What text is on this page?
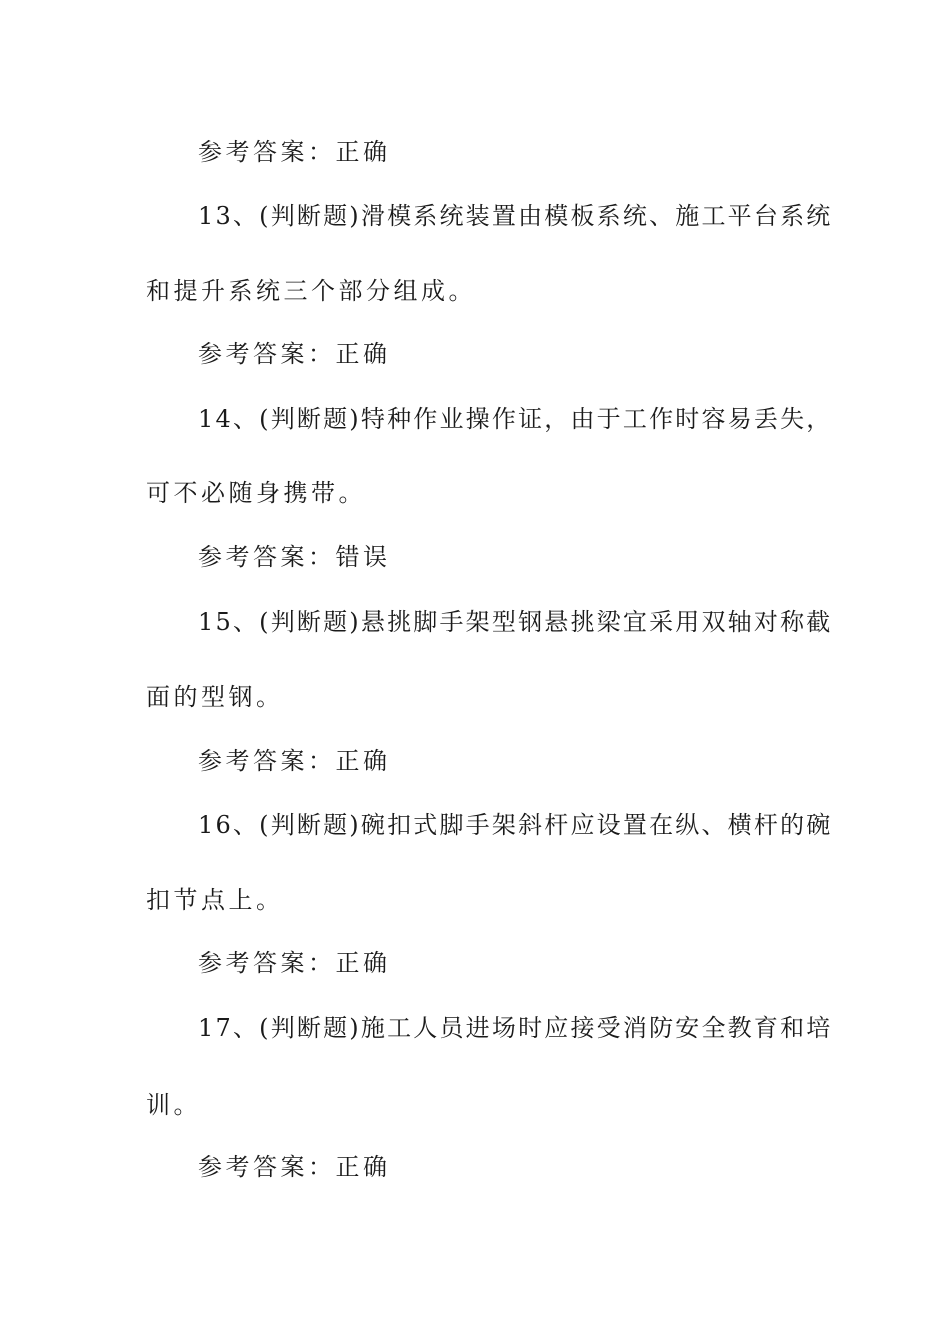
参考答案：正确
13、(判断题)滑模系统装置由模板系统、施工平台系统
和提升系统三个部分组成。
参考答案：正确
14、(判断题)特种作业操作证，由于工作时容易丢失，
可不必随身携带。
参考答案：错误
15、(判断题)悬挑脚手架型钢悬挑梁宜采用双轴对称截
面的型钢。
参考答案：正确
16、(判断题)碗扣式脚手架斜杆应设置在纵、横杆的碗
扣节点上。
参考答案：正确
17、(判断题)施工人员进场时应接受消防安全教育和培
训。
参考答案：正确
